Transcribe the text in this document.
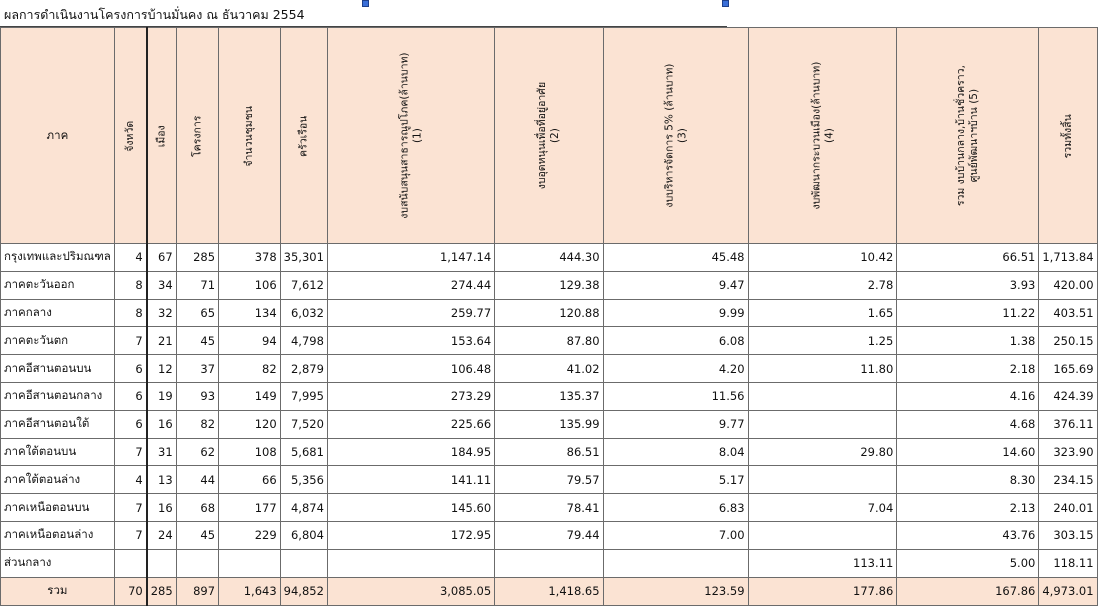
ผลการดำเนินงานโครงการบ้านมั่นคง ณ ธันวาคม 2554
ภาค	จังหวัด	เมือง	โครงการ	จำนวนชุมชน	ครัวเรือน	งบสนับสนุนสาธารณูปโภค(ล้านบาท) (1)	งบอุดหนุนเพื่อที่อยู่อาศัย (2)	งบบริหารจัดการ 5% (ล้านบาท) (3)	งบพัฒนากระบวนเมือง(ล้านบาท) (4)	รวม งบบ้านกลาง,บ้านชั่วคราว, ศูนย์พัฒนาฯบ้าน (5)	รวมทั้งสิ้น
กรุงเทพและปริมณฑล	4	67	285	378	35,301	1,147.14	444.30	45.48	10.42	66.51	1,713.84
ภาคตะวันออก	8	34	71	106	7,612	274.44	129.38	9.47	2.78	3.93	420.00
ภาคกลาง	8	32	65	134	6,032	259.77	120.88	9.99	1.65	11.22	403.51
ภาคตะวันตก	7	21	45	94	4,798	153.64	87.80	6.08	1.25	1.38	250.15
ภาคอีสานตอนบน	6	12	37	82	2,879	106.48	41.02	4.20	11.80	2.18	165.69
ภาคอีสานตอนกลาง	6	19	93	149	7,995	273.29	135.37	11.56		4.16	424.39
ภาคอีสานตอนใต้	6	16	82	120	7,520	225.66	135.99	9.77		4.68	376.11
ภาคใต้ตอนบน	7	31	62	108	5,681	184.95	86.51	8.04	29.80	14.60	323.90
ภาคใต้ตอนล่าง	4	13	44	66	5,356	141.11	79.57	5.17		8.30	234.15
ภาคเหนือตอนบน	7	16	68	177	4,874	145.60	78.41	6.83	7.04	2.13	240.01
ภาคเหนือตอนล่าง	7	24	45	229	6,804	172.95	79.44	7.00		43.76	303.15
ส่วนกลาง									113.11	5.00	118.11
รวม	70	285	897	1,643	94,852	3,085.05	1,418.65	123.59	177.86	167.86	4,973.01
